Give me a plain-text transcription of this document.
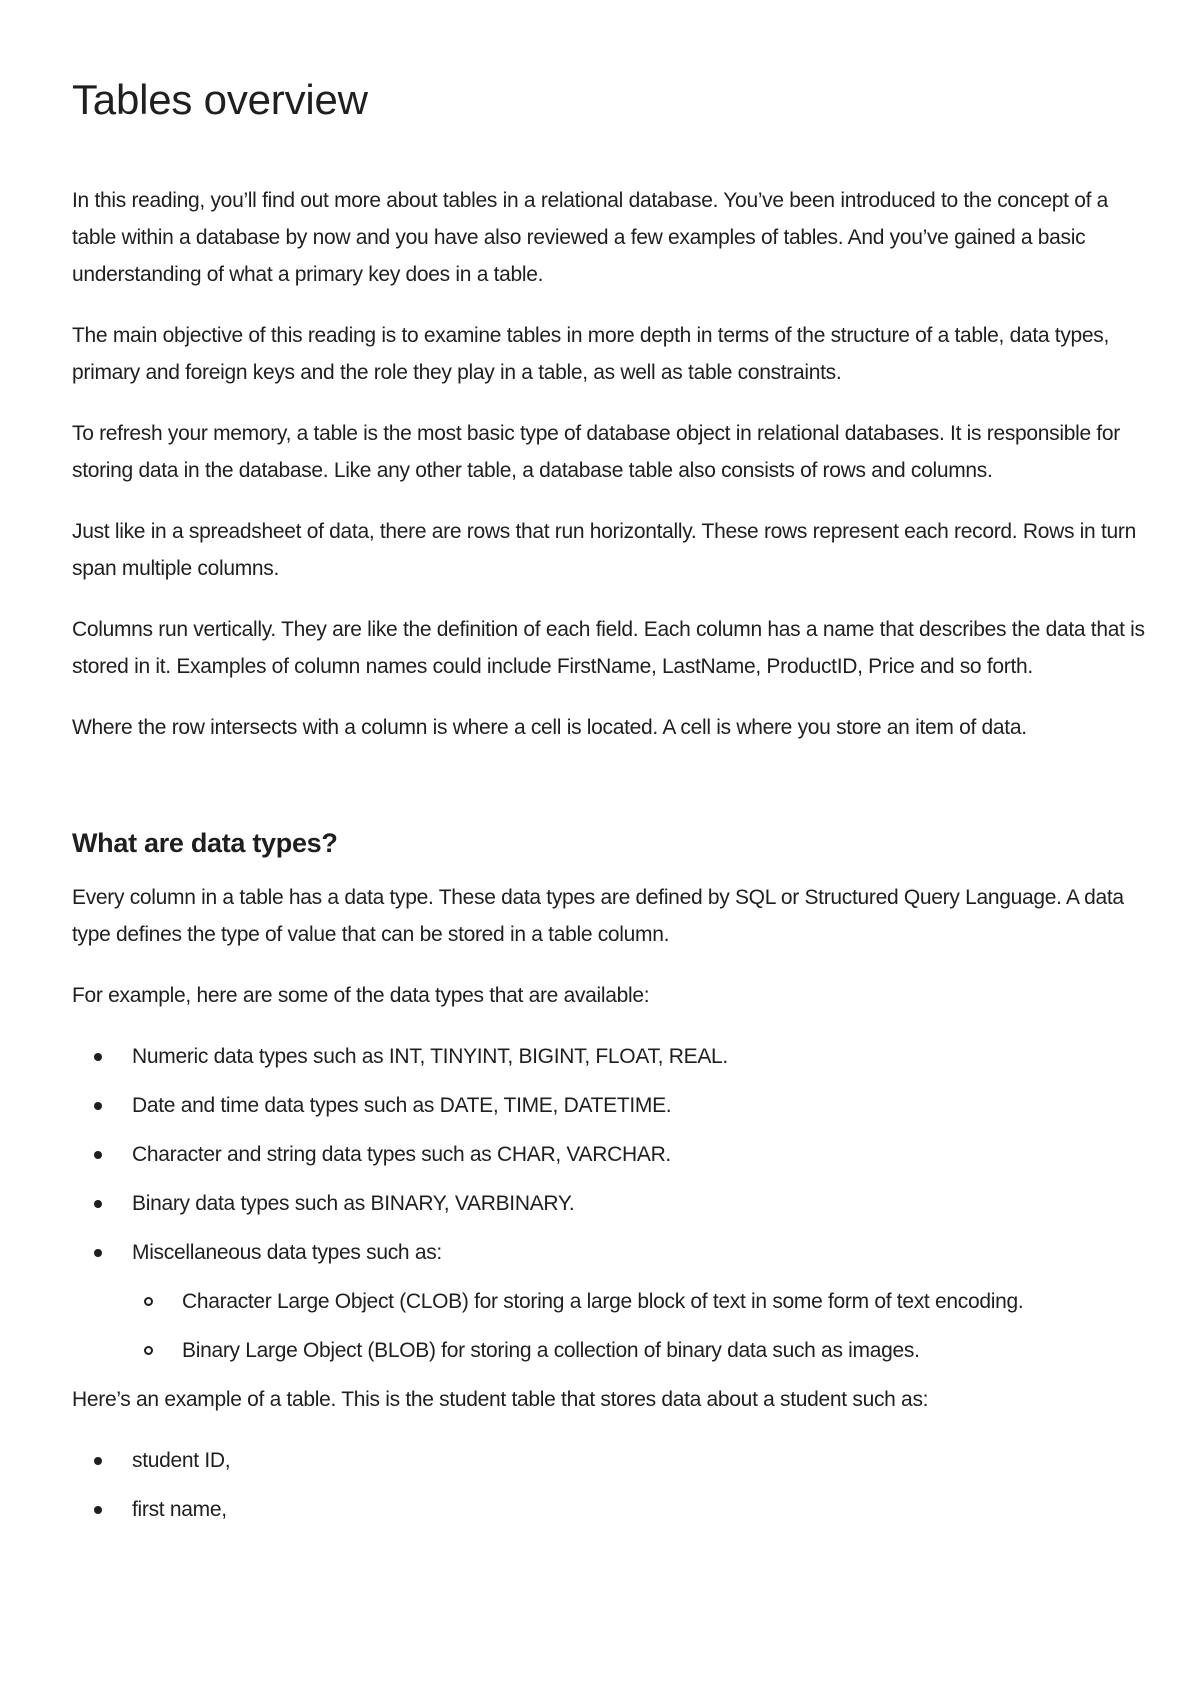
Tables overview

In this reading, you’ll find out more about tables in a relational database. You’ve been introduced to the concept of a table within a database by now and you have also reviewed a few examples of tables. And you’ve gained a basic understanding of what a primary key does in a table.

The main objective of this reading is to examine tables in more depth in terms of the structure of a table, data types, primary and foreign keys and the role they play in a table, as well as table constraints.

To refresh your memory, a table is the most basic type of database object in relational databases. It is responsible for storing data in the database. Like any other table, a database table also consists of rows and columns.

Just like in a spreadsheet of data, there are rows that run horizontally. These rows represent each record. Rows in turn span multiple columns.

Columns run vertically. They are like the definition of each field. Each column has a name that describes the data that is stored in it. Examples of column names could include FirstName, LastName, ProductID, Price and so forth.

Where the row intersects with a column is where a cell is located. A cell is where you store an item of data.

What are data types?

Every column in a table has a data type. These data types are defined by SQL or Structured Query Language. A data type defines the type of value that can be stored in a table column.

For example, here are some of the data types that are available:

Numeric data types such as INT, TINYINT, BIGINT, FLOAT, REAL.
Date and time data types such as DATE, TIME, DATETIME.
Character and string data types such as CHAR, VARCHAR.
Binary data types such as BINARY, VARBINARY.
Miscellaneous data types such as:
Character Large Object (CLOB) for storing a large block of text in some form of text encoding.
Binary Large Object (BLOB) for storing a collection of binary data such as images.

Here’s an example of a table. This is the student table that stores data about a student such as:

student ID,
first name,
